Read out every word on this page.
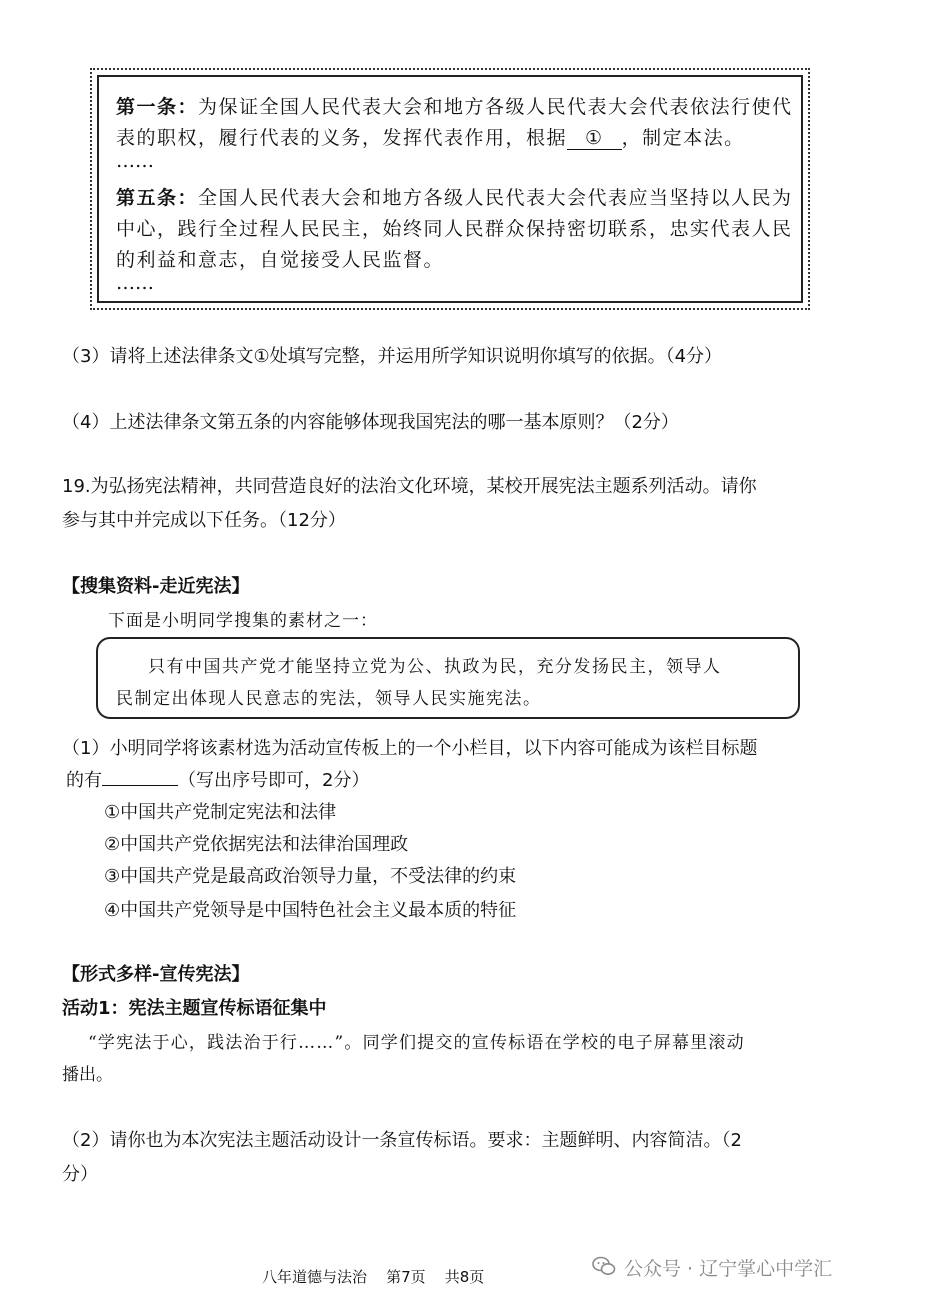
第一条：为保证全国人民代表大会和地方各级人民代表大会代表依法行使代
表的职权，履行代表的义务，发挥代表作用，根据 ① ，制定本法。
……
第五条：全国人民代表大会和地方各级人民代表大会代表应当坚持以人民为
中心，践行全过程人民民主，始终同人民群众保持密切联系，忠实代表人民
的利益和意志，自觉接受人民监督。
……
（3）请将上述法律条文①处填写完整，并运用所学知识说明你填写的依据。（4分）
（4）上述法律条文第五条的内容能够体现我国宪法的哪一基本原则？（2分）
19.为弘扬宪法精神，共同营造良好的法治文化环境，某校开展宪法主题系列活动。请你
参与其中并完成以下任务。（12分）
【搜集资料-走近宪法】
下面是小明同学搜集的素材之一：
只有中国共产党才能坚持立党为公、执政为民，充分发扬民主，领导人
民制定出体现人民意志的宪法，领导人民实施宪法。
（1）小明同学将该素材选为活动宣传板上的一个小栏目，以下内容可能成为该栏目标题
的有	（写出序号即可，2分）
①中国共产党制定宪法和法律
②中国共产党依据宪法和法律治国理政
③中国共产党是最高政治领导力量，不受法律的约束
④中国共产党领导是中国特色社会主义最本质的特征
【形式多样-宣传宪法】
活动1：宪法主题宣传标语征集中
“学宪法于心，践法治于行……”。同学们提交的宣传标语在学校的电子屏幕里滚动
播出。
（2）请你也为本次宪法主题活动设计一条宣传标语。要求：主题鲜明、内容简洁。（2
分）
八年道德与法治    第7页    共8页	公众号 · 辽宁掌心中学汇
